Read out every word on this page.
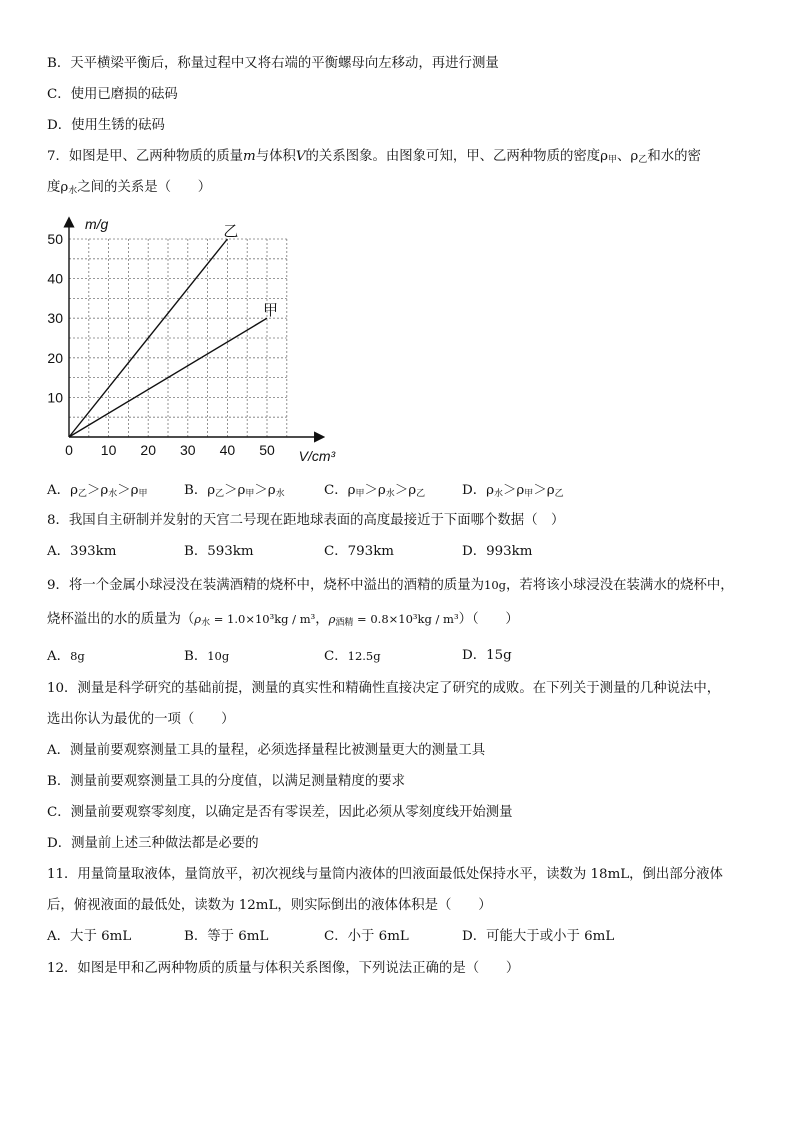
B．天平横梁平衡后，称量过程中又将右端的平衡螺母向左移动，再进行测量
C．使用已磨损的砝码
D．使用生锈的砝码
7．如图是甲、乙两种物质的质量m与体积V的关系图象。由图象可知，甲、乙两种物质的密度$\rho_甲$、$\rho_乙$和水的密
度$\rho_水$之间的关系是（　　）
0 10 20 30 40 50
10
20
30
40
50	乙
甲
m/g
V/cm³
A．$\rho_乙>\rho_水>\rho_甲$	B．$\rho_乙>\rho_甲>\rho_水$	C．$\rho_甲>\rho_水>\rho_乙$	D．$\rho_水>\rho_甲>\rho_乙$
8．我国自主研制并发射的天宫二号现在距地球表面的高度最接近于下面哪个数据（　）
A．393km	B．593km	C．793km	D．993km
9．将一个金属小球浸没在装满酒精的烧杯中，烧杯中溢出的酒精的质量为10g，若将该小球浸没在装满水的烧杯中，
烧杯溢出的水的质量为（$\rho_水 = 1.0\times 10^3kg / m^3$，$\rho_{酒精} = 0.8\times 10^3kg / m^3$）（　　）
A．8g	B．10g	C．12.5g	D．15g
10．测量是科学研究的基础前提，测量的真实性和精确性直接决定了研究的成败。在下列关于测量的几种说法中，
选出你认为最优的一项（　　）
A．测量前要观察测量工具的量程，必须选择量程比被测量更大的测量工具
B．测量前要观察测量工具的分度值，以满足测量精度的要求
C．测量前要观察零刻度，以确定是否有零误差，因此必须从零刻度线开始测量
D．测量前上述三种做法都是必要的
11．用量筒量取液体，量筒放平，初次视线与量筒内液体的凹液面最低处保持水平，读数为 18mL，倒出部分液体
后，俯视液面的最低处，读数为 12mL，则实际倒出的液体体积是（　　）
A．大于 6mL	B．等于 6mL	C．小于 6mL	D．可能大于或小于 6mL
12．如图是甲和乙两种物质的质量与体积关系图像，下列说法正确的是（　　）
